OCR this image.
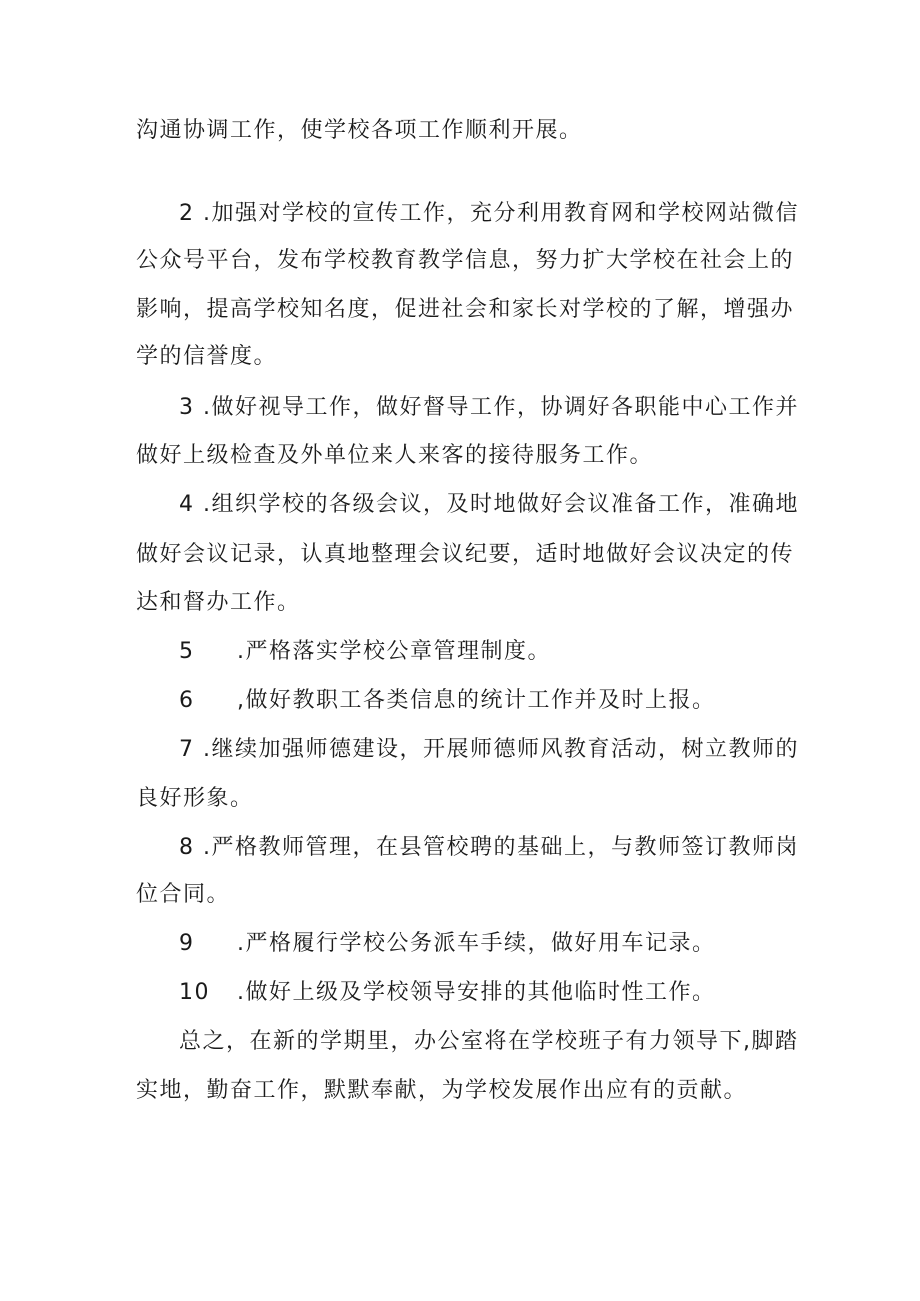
沟通协调工作，使学校各项工作顺利开展。
2 .加强对学校的宣传工作，充分利用教育网和学校网站微信
公众号平台，发布学校教育教学信息，努力扩大学校在社会上的
影响，提高学校知名度，促进社会和家长对学校的了解，增强办
学的信誉度。
3 .做好视导工作，做好督导工作，协调好各职能中心工作并
做好上级检查及外单位来人来客的接待服务工作。
4 .组织学校的各级会议，及时地做好会议准备工作，准确地
做好会议记录，认真地整理会议纪要，适时地做好会议决定的传
达和督办工作。
5 .严格落实学校公章管理制度。
6 ,做好教职工各类信息的统计工作并及时上报。
7 .继续加强师德建设，开展师德师风教育活动，树立教师的
良好形象。
8 .严格教师管理，在县管校聘的基础上，与教师签订教师岗
位合同。
9 .严格履行学校公务派车手续，做好用车记录。
10 .做好上级及学校领导安排的其他临时性工作。
总之，在新的学期里，办公室将在学校班子有力领导下,脚踏
实地，勤奋工作，默默奉献，为学校发展作出应有的贡献。
